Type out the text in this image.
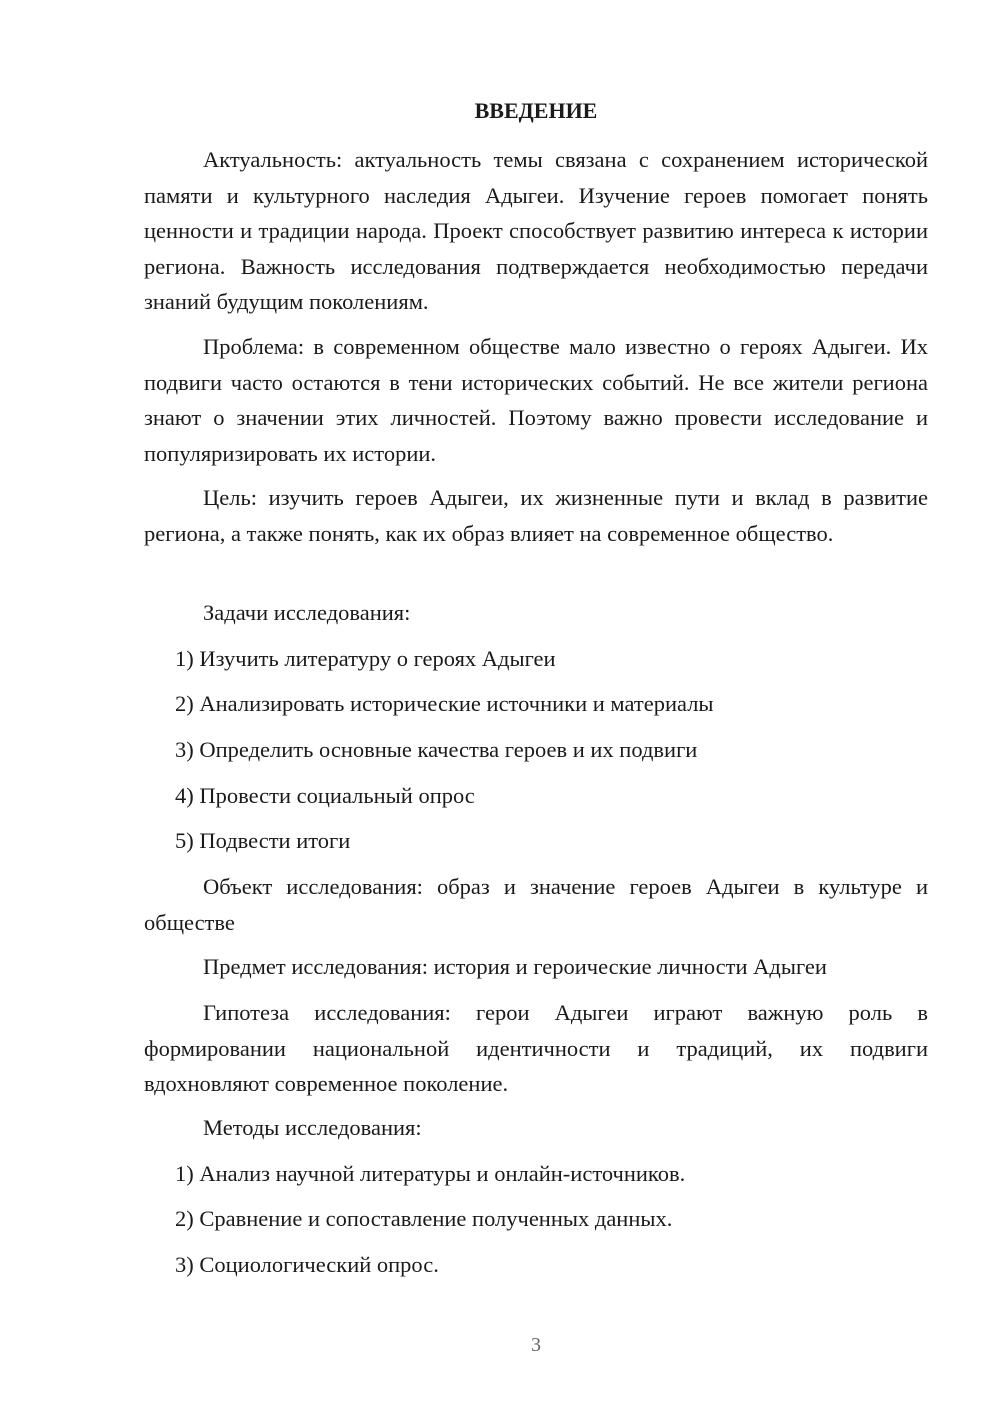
ВВЕДЕНИЕ

Актуальность: актуальность темы связана с сохранением исторической памяти и культурного наследия Адыгеи. Изучение героев помогает понять ценности и традиции народа. Проект способствует развитию интереса к истории региона. Важность исследования подтверждается необходимостью передачи знаний будущим поколениям.

Проблема: в современном обществе мало известно о героях Адыгеи. Их подвиги часто остаются в тени исторических событий. Не все жители региона знают о значении этих личностей. Поэтому важно провести исследование и популяризировать их истории.

Цель: изучить героев Адыгеи, их жизненные пути и вклад в развитие региона, а также понять, как их образ влияет на современное общество.

Задачи исследования:

1) Изучить литературу о героях Адыгеи

2) Анализировать исторические источники и материалы

3) Определить основные качества героев и их подвиги

4) Провести социальный опрос

5) Подвести итоги

Объект исследования: образ и значение героев Адыгеи в культуре и обществе

Предмет исследования: история и героические личности Адыгеи

Гипотеза исследования: герои Адыгеи играют важную роль в формировании национальной идентичности и традиций, их подвиги вдохновляют современное поколение.

Методы исследования:

1) Анализ научной литературы и онлайн-источников.

2) Сравнение и сопоставление полученных данных.

3) Социологический опрос.

3
